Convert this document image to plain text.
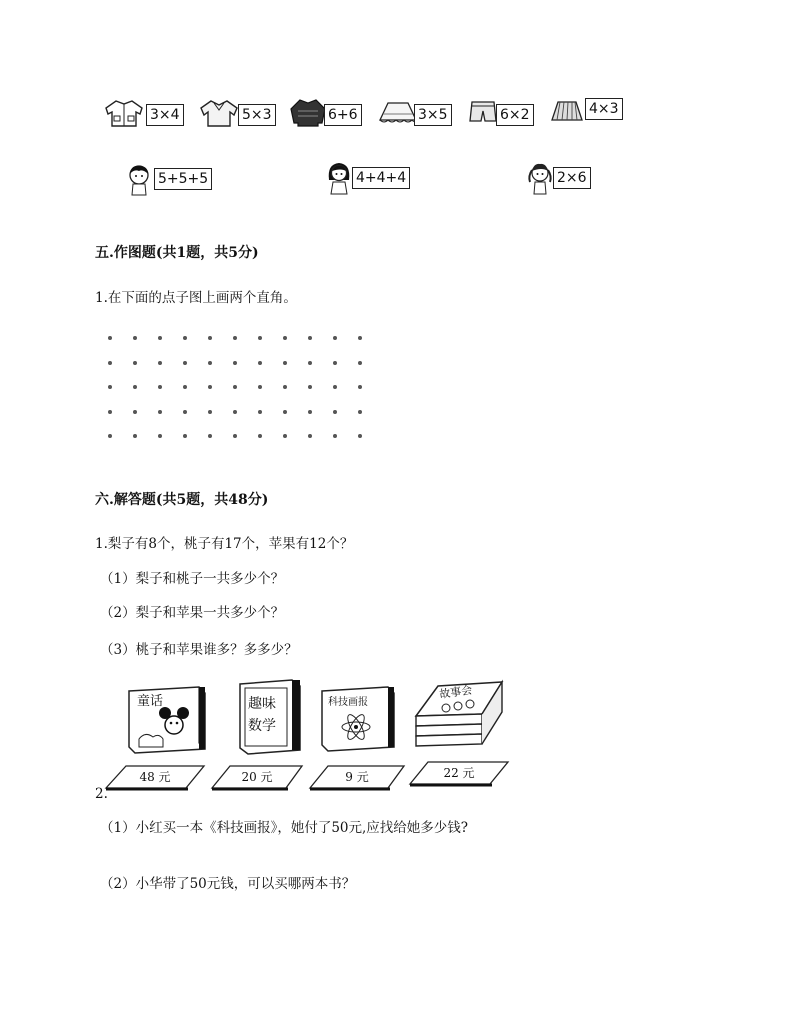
3×4	5×3	6+6	3×5	6×2	4×3
5+5+5	4+4+4	2×6
五.作图题(共1题，共5分)
1.在下面的点子图上画两个直角。
六.解答题(共5题，共48分)
1.梨子有8个，桃子有17个，苹果有12个？
（1）梨子和桃子一共多少个？
（2）梨子和苹果一共多少个？
（3）桃子和苹果谁多？多多少？
童话	趣味
数学
科技画报
故事会
48 元	20 元	9 元	22 元
2.
（1）小红买一本《科技画报》，她付了50元,应找给她多少钱?
（2）小华带了50元钱，可以买哪两本书？
